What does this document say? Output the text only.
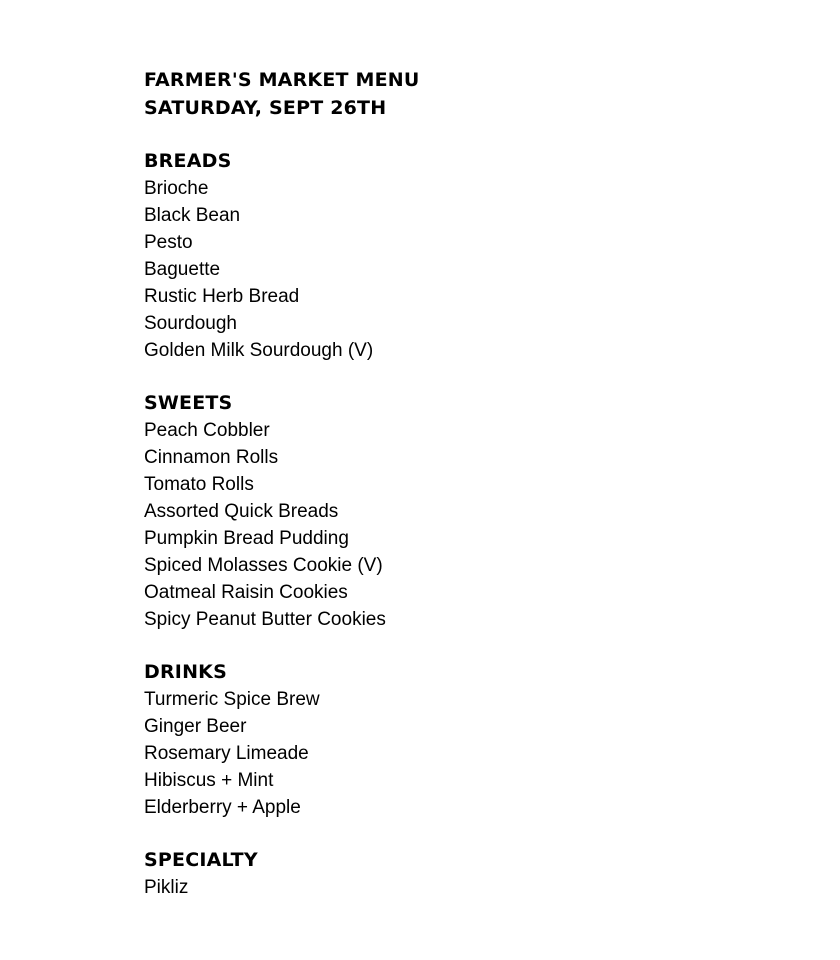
FARMER'S MARKET MENU
SATURDAY, SEPT 26TH
BREADS
Brioche
Black Bean
Pesto
Baguette
Rustic Herb Bread
Sourdough
Golden Milk Sourdough (V)
SWEETS
Peach Cobbler
Cinnamon Rolls
Tomato Rolls
Assorted Quick Breads
Pumpkin Bread Pudding
Spiced Molasses Cookie (V)
Oatmeal Raisin Cookies
Spicy Peanut Butter Cookies
DRINKS
Turmeric Spice Brew
Ginger Beer
Rosemary Limeade
Hibiscus + Mint
Elderberry + Apple
SPECIALTY
Pikliz
